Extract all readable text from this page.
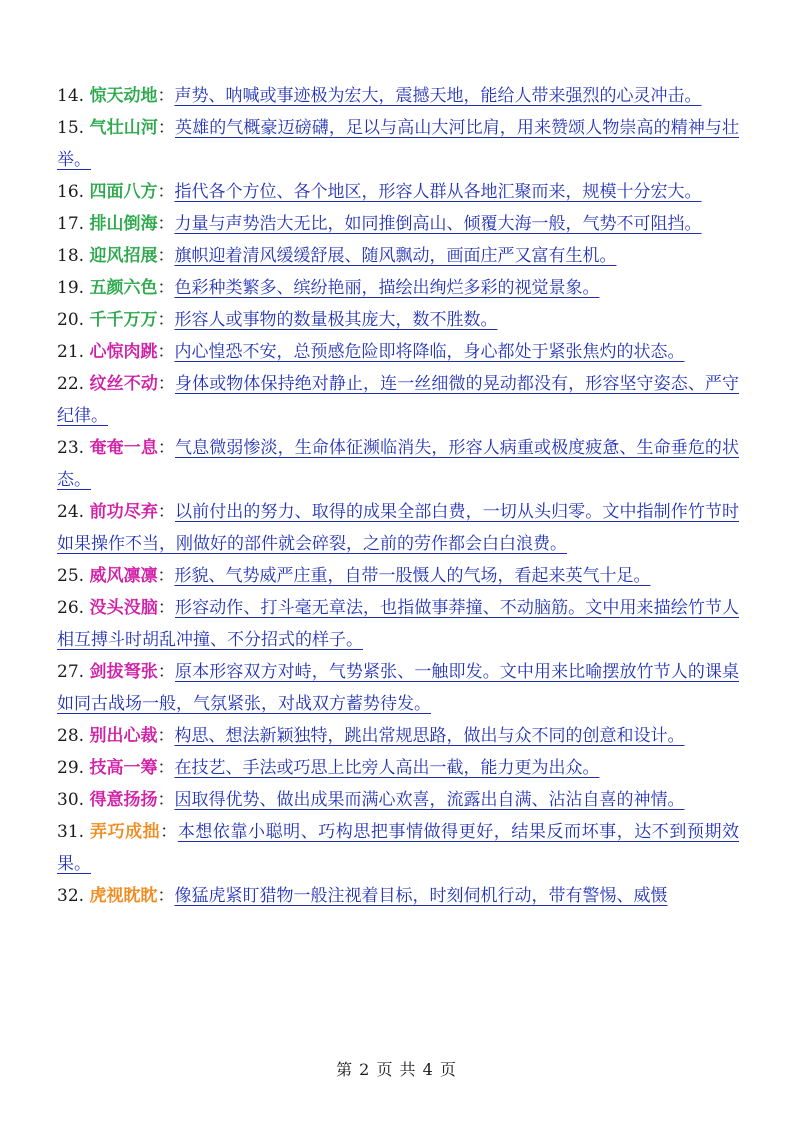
14. 惊天动地：声势、呐喊或事迹极为宏大，震撼天地，能给人带来强烈的心灵冲击。

15. 气壮山河：英雄的气概豪迈磅礴，足以与高山大河比肩，用来赞颂人物崇高的精神与壮举。

16. 四面八方：指代各个方位、各个地区，形容人群从各地汇聚而来，规模十分宏大。

17. 排山倒海：力量与声势浩大无比，如同推倒高山、倾覆大海一般，气势不可阻挡。

18. 迎风招展：旗帜迎着清风缓缓舒展、随风飘动，画面庄严又富有生机。

19. 五颜六色：色彩种类繁多、缤纷艳丽，描绘出绚烂多彩的视觉景象。

20. 千千万万：形容人或事物的数量极其庞大，数不胜数。

21. 心惊肉跳：内心惶恐不安，总预感危险即将降临，身心都处于紧张焦灼的状态。

22. 纹丝不动：身体或物体保持绝对静止，连一丝细微的晃动都没有，形容坚守姿态、严守纪律。

23. 奄奄一息：气息微弱惨淡，生命体征濒临消失，形容人病重或极度疲惫、生命垂危的状态。

24. 前功尽弃：以前付出的努力、取得的成果全部白费，一切从头归零。文中指制作竹节时如果操作不当，刚做好的部件就会碎裂，之前的劳作都会白白浪费。

25. 威风凛凛：形貌、气势威严庄重，自带一股慑人的气场，看起来英气十足。

26. 没头没脑：形容动作、打斗毫无章法，也指做事莽撞、不动脑筋。文中用来描绘竹节人相互搏斗时胡乱冲撞、不分招式的样子。

27. 剑拔弩张：原本形容双方对峙，气势紧张、一触即发。文中用来比喻摆放竹节人的课桌如同古战场一般，气氛紧张，对战双方蓄势待发。

28. 别出心裁：构思、想法新颖独特，跳出常规思路，做出与众不同的创意和设计。

29. 技高一筹：在技艺、手法或巧思上比旁人高出一截，能力更为出众。

30. 得意扬扬：因取得优势、做出成果而满心欢喜，流露出自满、沾沾自喜的神情。

31. 弄巧成拙：本想依靠小聪明、巧构思把事情做得更好，结果反而坏事，达不到预期效果。

32. 虎视眈眈：像猛虎紧盯猎物一般注视着目标，时刻伺机行动，带有警惕、威慑

第 2 页 共 4 页
